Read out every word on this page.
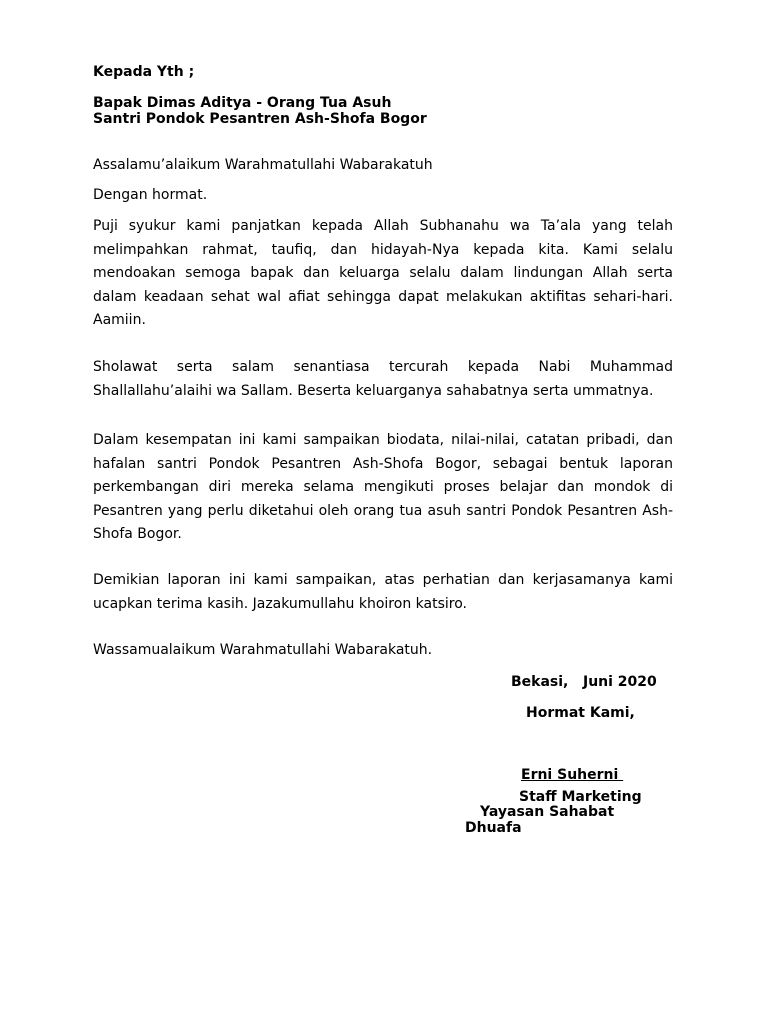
Kepada Yth ;

Bapak Dimas Aditya - Orang Tua Asuh

Santri Pondok Pesantren Ash-Shofa Bogor

Assalamu’alaikum Warahmatullahi Wabarakatuh

Dengan hormat.

Puji syukur kami panjatkan kepada Allah Subhanahu wa Ta’ala yang telah melimpahkan rahmat, taufiq, dan hidayah-Nya kepada kita. Kami selalu mendoakan semoga bapak dan keluarga selalu dalam lindungan Allah serta dalam keadaan sehat wal afiat sehingga dapat melakukan aktifitas sehari-hari. Aamiin.

Sholawat serta salam senantiasa tercurah kepada Nabi Muhammad Shallallahu’alaihi wa Sallam. Beserta keluarganya sahabatnya serta ummatnya.

Dalam kesempatan ini kami sampaikan biodata, nilai-nilai, catatan pribadi, dan hafalan santri Pondok Pesantren Ash-Shofa Bogor, sebagai bentuk laporan perkembangan diri mereka selama mengikuti proses belajar dan mondok di Pesantren yang perlu diketahui oleh orang tua asuh santri Pondok Pesantren Ash-Shofa Bogor.

Demikian laporan ini kami sampaikan, atas perhatian dan kerjasamanya kami ucapkan terima kasih. Jazakumullahu khoiron katsiro.

Wassamualaikum Warahmatullahi Wabarakatuh.

Bekasi,   Juni 2020

Hormat Kami,

Erni Suherni

Staff Marketing

Yayasan Sahabat

Dhuafa
